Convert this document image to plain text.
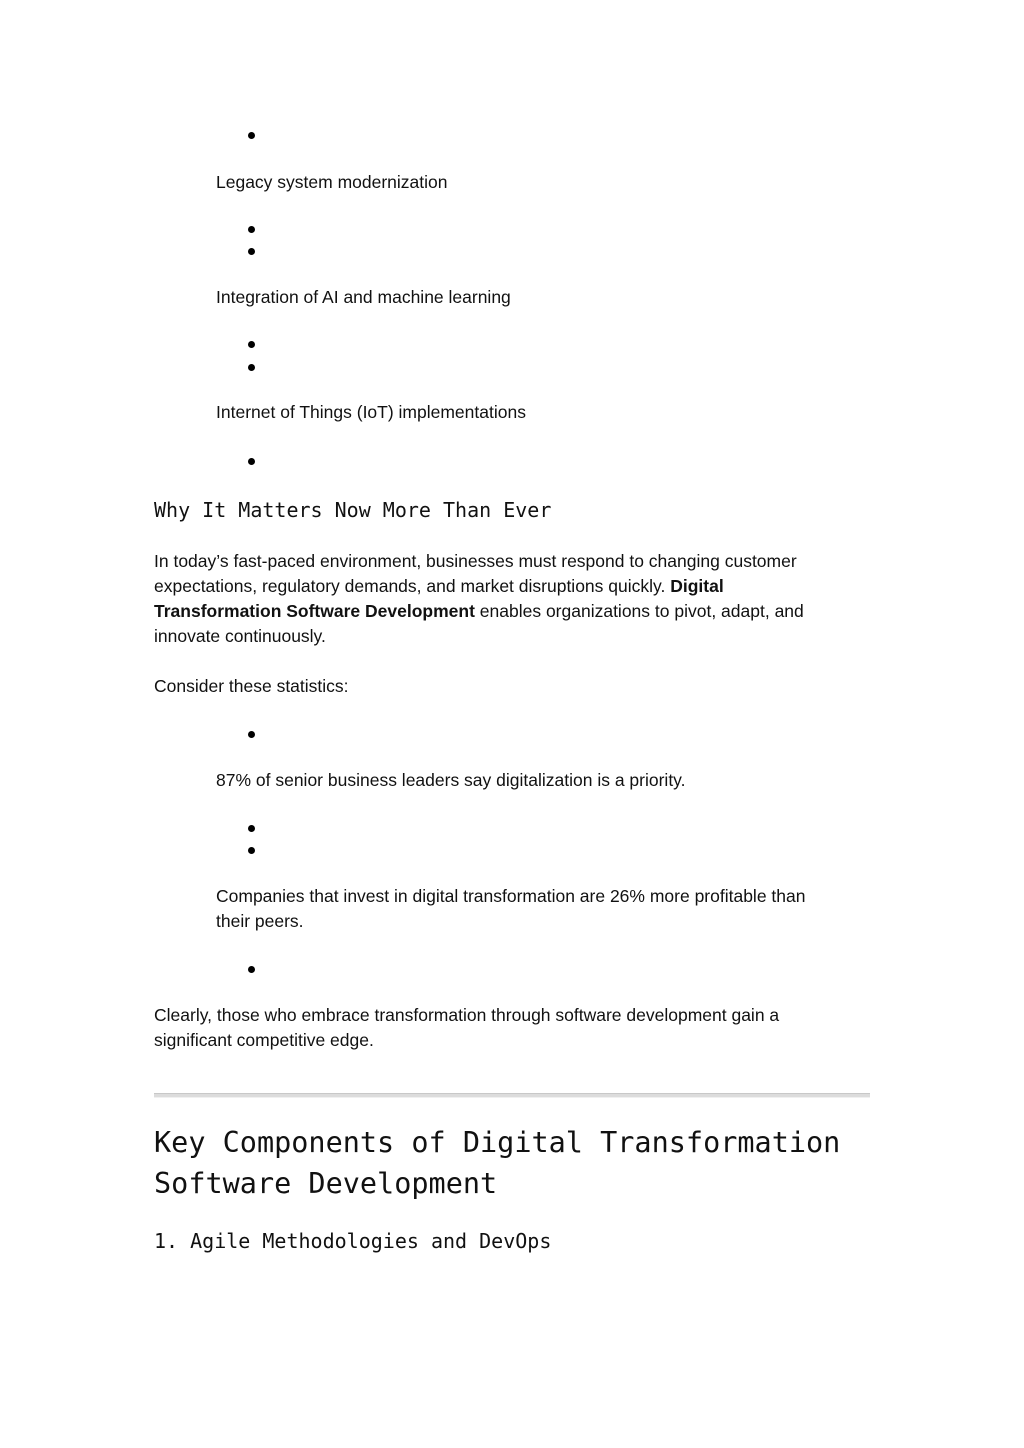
Legacy system modernization
Integration of AI and machine learning
Internet of Things (IoT) implementations
Why It Matters Now More Than Ever
In today’s fast-paced environment, businesses must respond to changing customer
expectations, regulatory demands, and market disruptions quickly. Digital
Transformation Software Development enables organizations to pivot, adapt, and
innovate continuously.
Consider these statistics:
87% of senior business leaders say digitalization is a priority.
Companies that invest in digital transformation are 26% more profitable than
their peers.
Clearly, those who embrace transformation through software development gain a
significant competitive edge.
Key Components of Digital Transformation
Software Development
1. Agile Methodologies and DevOps
